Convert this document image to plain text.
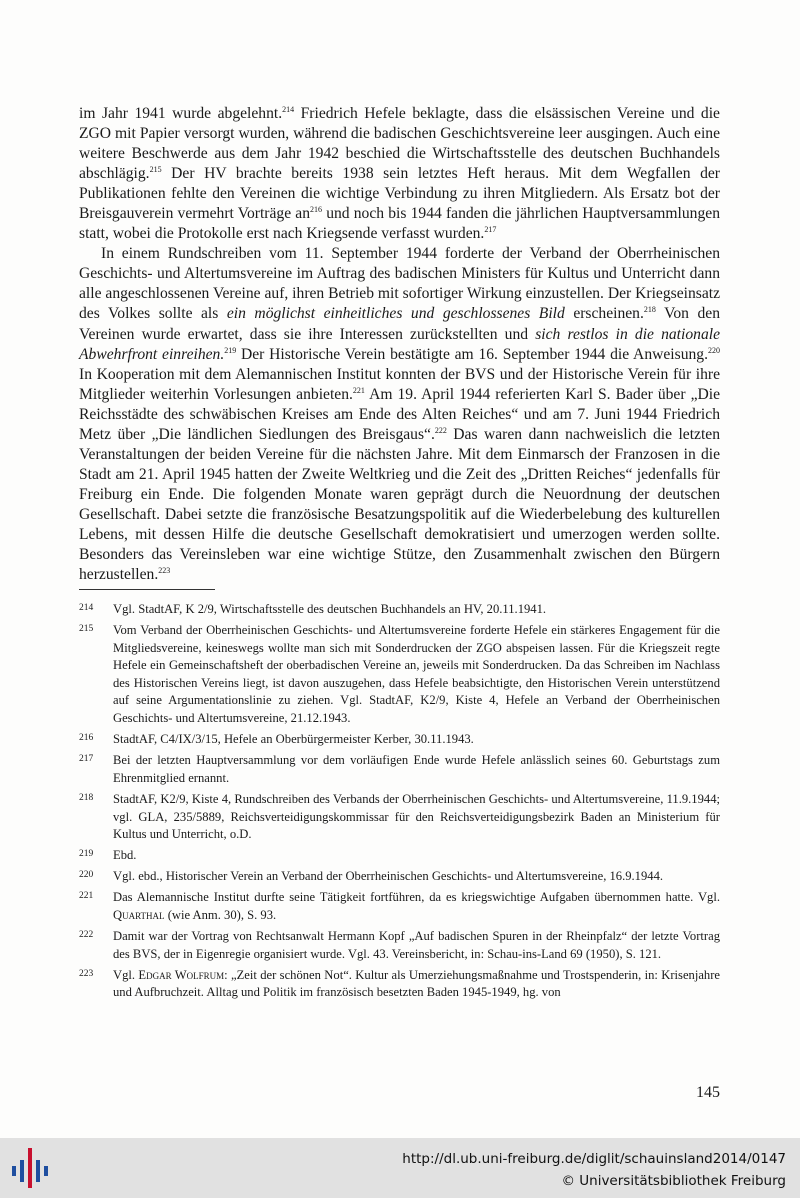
im Jahr 1941 wurde abgelehnt.$^{214}$ Friedrich Hefele beklagte, dass die elsässischen Vereine und die ZGO mit Papier versorgt wurden, während die badischen Geschichtsvereine leer ausgingen. Auch eine weitere Beschwerde aus dem Jahr 1942 beschied die Wirtschaftsstelle des deutschen Buchhandels abschlägig.$^{215}$ Der HV brachte bereits 1938 sein letztes Heft heraus. Mit dem Wegfallen der Publikationen fehlte den Vereinen die wichtige Verbindung zu ihren Mitgliedern. Als Ersatz bot der Breisgauverein vermehrt Vorträge $an^{216}$ und noch bis 1944 fanden die jährlichen Hauptversammlungen statt, wobei die Protokolle erst nach Kriegsende verfasst wurden.$^{217}$

In einem Rundschreiben vom 11. September 1944 forderte der Verband der Oberrheinischen Geschichts- und Altertumsvereine im Auftrag des badischen Ministers für Kultus und Unterricht dann alle angeschlossenen Vereine auf, ihren Betrieb mit sofortiger Wirkung einzustellen. Der Kriegseinsatz des Volkes sollte als ein möglichst einheitliches und geschlossenes Bild erscheinen.$^{218}$ Von den Vereinen wurde erwartet, dass sie ihre Interessen zurückstellten und sich restlos in die nationale Abwehrfront einreihen.$^{219}$ Der Historische Verein bestätigte am 16. September 1944 die Anweisung.$^{220}$ In Kooperation mit dem Alemannischen Institut konnten der BVS und der Historische Verein für ihre Mitglieder weiterhin Vorlesungen anbieten.$^{221}$ Am 19. April 1944 referierten Karl S. Bader über „Die Reichsstädte des schwäbischen Kreises am Ende des Alten Reiches“ und am 7. Juni 1944 Friedrich Metz über „Die ländlichen Siedlungen des Breisgaus“.$^{222}$ Das waren dann nachweislich die letzten Veranstaltungen der beiden Vereine für die nächsten Jahre. Mit dem Einmarsch der Franzosen in die Stadt am 21. April 1945 hatten der Zweite Weltkrieg und die Zeit des „Dritten Reiches“ jedenfalls für Freiburg ein Ende. Die folgenden Monate waren geprägt durch die Neuordnung der deutschen Gesellschaft. Dabei setzte die französische Besatzungspolitik auf die Wiederbelebung des kulturellen Lebens, mit dessen Hilfe die deutsche Gesellschaft demokratisiert und umerzogen werden sollte. Besonders das Vereinsleben war eine wichtige Stütze, den Zusammenhalt zwischen den Bürgern herzustellen.$^{223}$

214	Vgl. StadtAF, K 2/9, Wirtschaftsstelle des deutschen Buchhandels an HV, 20.11.1941.
215	Vom Verband der Oberrheinischen Geschichts- und Altertumsvereine forderte Hefele ein stärkeres Engagement für die Mitgliedsvereine, keineswegs wollte man sich mit Sonderdrucken der ZGO abspeisen lassen. Für die Kriegszeit regte Hefele ein Gemeinschaftsheft der oberbadischen Vereine an, jeweils mit Sonderdrucken. Da das Schreiben im Nachlass des Historischen Vereins liegt, ist davon auszugehen, dass Hefele beabsichtigte, den Historischen Verein unterstützend auf seine Argumentationslinie zu ziehen. Vgl. StadtAF, K2/9, Kiste 4, Hefele an Verband der Oberrheinischen Geschichts- und Altertumsvereine, 21.12.1943.
216	StadtAF, C4/IX/3/15, Hefele an Oberbürgermeister Kerber, 30.11.1943.
217	Bei der letzten Hauptversammlung vor dem vorläufigen Ende wurde Hefele anlässlich seines 60. Geburtstags zum Ehrenmitglied ernannt.
218	StadtAF, K2/9, Kiste 4, Rundschreiben des Verbands der Oberrheinischen Geschichts- und Altertumsvereine, 11.9.1944; vgl. GLA, 235/5889, Reichsverteidigungskommissar für den Reichsverteidigungsbezirk Baden an Ministerium für Kultus und Unterricht, o.D.
219	Ebd.
220	Vgl. ebd., Historischer Verein an Verband der Oberrheinischen Geschichts- und Altertumsvereine, 16.9.1944.
221	Das Alemannische Institut durfte seine Tätigkeit fortführen, da es kriegswichtige Aufgaben übernommen hatte. Vgl. Quarthal (wie Anm. 30), S. 93.
222	Damit war der Vortrag von Rechtsanwalt Hermann Kopf „Auf badischen Spuren in der Rheinpfalz“ der letzte Vortrag des BVS, der in Eigenregie organisiert wurde. Vgl. 43. Vereinsbericht, in: Schau-ins-Land 69 (1950), S. 121.
223	Vgl. Edgar Wolfrum: „Zeit der schönen Not“. Kultur als Umerziehungsmaßnahme und Trostspenderin, in: Krisenjahre und Aufbruchzeit. Alltag und Politik im französisch besetzten Baden 1945-1949, hg. von
145
http://dl.ub.uni-freiburg.de/diglit/schauinsland2014/0147
© Universitätsbibliothek Freiburg
